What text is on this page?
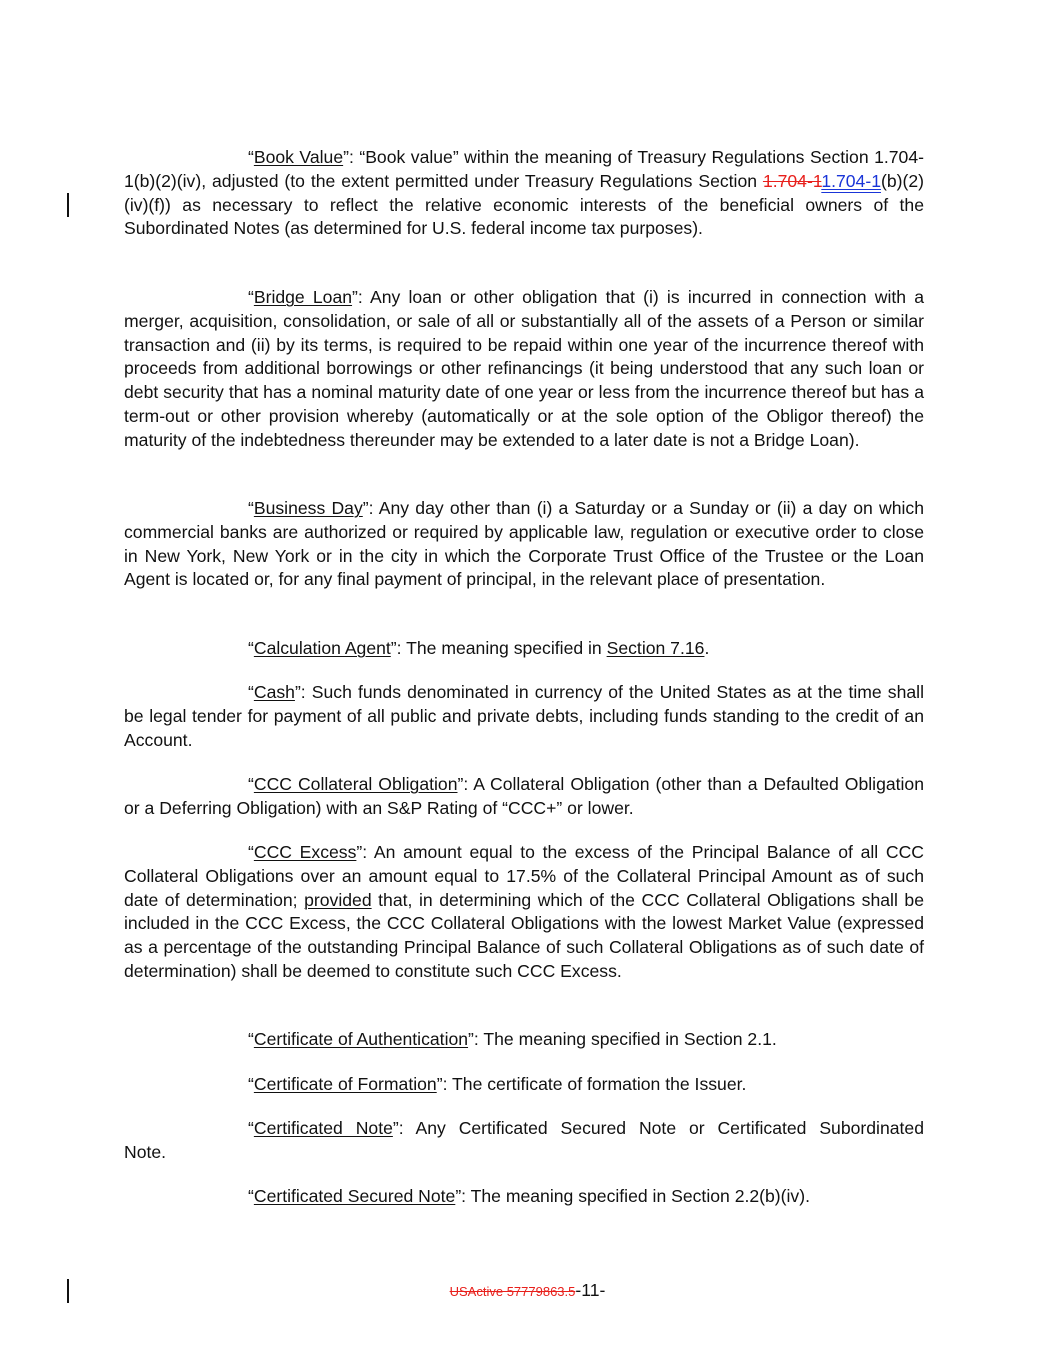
“Book Value”: “Book value” within the meaning of Treasury Regulations Section 1.704-1(b)(2)(iv), adjusted (to the extent permitted under Treasury Regulations Section 1.704-11.704-1(b)(2)(iv)(f)) as necessary to reflect the relative economic interests of the beneficial owners of the Subordinated Notes (as determined for U.S. federal income tax purposes).

“Bridge Loan”: Any loan or other obligation that (i) is incurred in connection with a merger, acquisition, consolidation, or sale of all or substantially all of the assets of a Person or similar transaction and (ii) by its terms, is required to be repaid within one year of the incurrence thereof with proceeds from additional borrowings or other refinancings (it being understood that any such loan or debt security that has a nominal maturity date of one year or less from the incurrence thereof but has a term-out or other provision whereby (automatically or at the sole option of the Obligor thereof) the maturity of the indebtedness thereunder may be extended to a later date is not a Bridge Loan).

“Business Day”: Any day other than (i) a Saturday or a Sunday or (ii) a day on which commercial banks are authorized or required by applicable law, regulation or executive order to close in New York, New York or in the city in which the Corporate Trust Office of the Trustee or the Loan Agent is located or, for any final payment of principal, in the relevant place of presentation.

“Calculation Agent”: The meaning specified in Section 7.16.

“Cash”: Such funds denominated in currency of the United States as at the time shall be legal tender for payment of all public and private debts, including funds standing to the credit of an Account.

“CCC Collateral Obligation”: A Collateral Obligation (other than a Defaulted Obligation or a Deferring Obligation) with an S&P Rating of “CCC+” or lower.

“CCC Excess”: An amount equal to the excess of the Principal Balance of all CCC Collateral Obligations over an amount equal to 17.5% of the Collateral Principal Amount as of such date of determination; provided that, in determining which of the CCC Collateral Obligations shall be included in the CCC Excess, the CCC Collateral Obligations with the lowest Market Value (expressed as a percentage of the outstanding Principal Balance of such Collateral Obligations as of such date of determination) shall be deemed to constitute such CCC Excess.

“Certificate of Authentication”: The meaning specified in Section 2.1.

“Certificate of Formation”: The certificate of formation the Issuer.

“Certificated Note”: Any Certificated Secured Note or Certificated Subordinated

Note.

“Certificated Secured Note”: The meaning specified in Section 2.2(b)(iv).

USActive 57779863.5-11-
